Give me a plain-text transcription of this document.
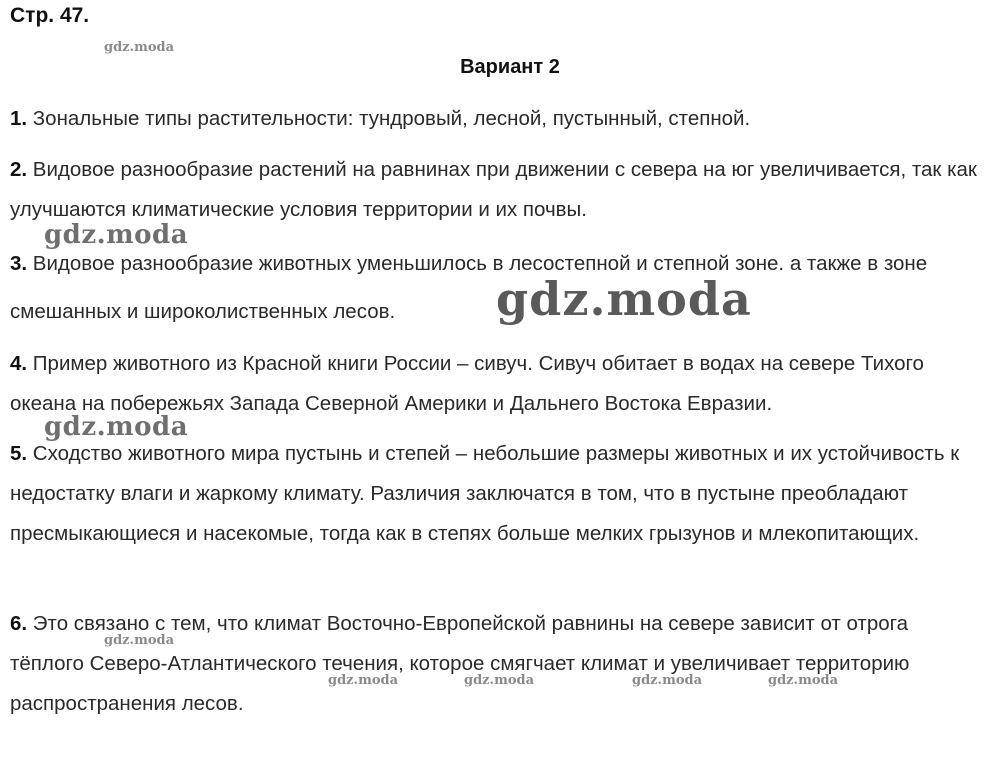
Стр. 47.
Вариант 2

1. Зональные типы растительности: тундровый, лесной, пустынный, степной.

2. Видовое разнообразие растений на равнинах при движении с севера на юг увеличивается, так как улучшаются климатические условия территории и их почвы.

3. Видовое разнообразие животных уменьшилось в лесостепной и степной зоне. а также в зоне смешанных и широколиственных лесов.

4. Пример животного из Красной книги России – сивуч. Сивуч обитает в водах на севере Тихого океана на побережьях Запада Северной Америки и Дальнего Востока Евразии.

5. Сходство животного мира пустынь и степей – небольшие размеры животных и их устойчивость к недостатку влаги и жаркому климату. Различия заключатся в том, что в пустыне преобладают пресмыкающиеся и насекомые, тогда как в степях больше мелких грызунов и млекопитающих.

6. Это связано с тем, что климат Восточно-Европейской равнины на севере зависит от отрога тёплого Северо-Атлантического течения, которое смягчает климат и увеличивает территорию распространения лесов.

gdz.moda
gdz.moda
gdz.moda
gdz.moda
gdz.moda
gdz.moda	gdz.moda	gdz.moda	gdz.moda
